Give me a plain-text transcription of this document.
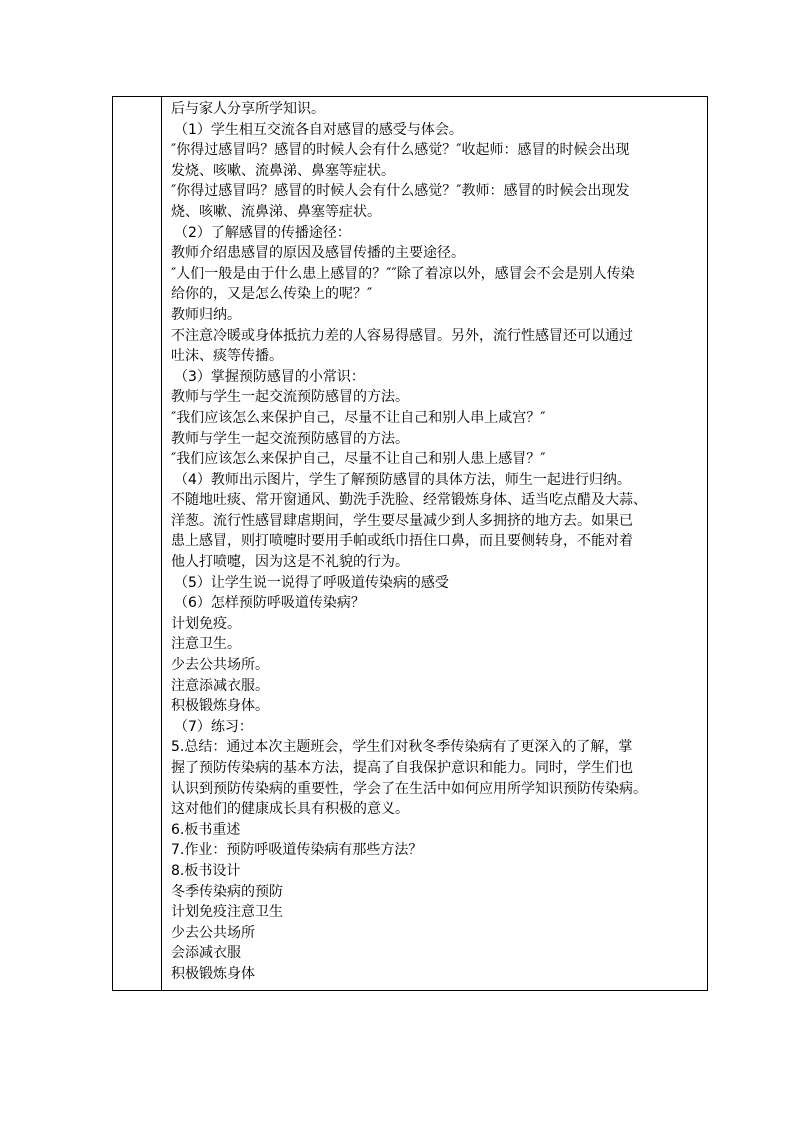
后与家人分享所学知识。
（1）学生相互交流各自对感冒的感受与体会。
″你得过感冒吗？感冒的时候人会有什么感觉？″收起师：感冒的时候会出现
发烧、咳嗽、流鼻涕、鼻塞等症状。
″你得过感冒吗？感冒的时候人会有什么感觉？″教师：感冒的时候会出现发
烧、咳嗽、流鼻涕、鼻塞等症状。
（2）了解感冒的传播途径：
教师介绍患感冒的原因及感冒传播的主要途径。
″人们一般是由于什么患上感冒的？″″除了着凉以外，感冒会不会是别人传染
给你的，又是怎么传染上的呢？″
教师归纳。
不注意冷暖或身体抵抗力差的人容易得感冒。另外，流行性感冒还可以通过
吐沫、痰等传播。
（3）掌握预防感冒的小常识：
教师与学生一起交流预防感冒的方法。
″我们应该怎么来保护自己，尽量不让自己和别人串上咸宫？″
教师与学生一起交流预防感冒的方法。
″我们应该怎么来保护自己，尽量不让自己和别人患上感冒？″
（4）教师出示图片，学生了解预防感冒的具体方法，师生一起进行归纳。
不随地吐痰、常开窗通风、勤洗手洗脸、经常锻炼身体、适当吃点醋及大蒜、
洋葱。流行性感冒肆虐期间，学生要尽量减少到人多拥挤的地方去。如果已
患上感冒，则打喷嚏时要用手帕或纸巾捂住口鼻，而且要侧转身，不能对着
他人打喷嚏，因为这是不礼貌的行为。
（5）让学生说一说得了呼吸道传染病的感受
（6）怎样预防呼吸道传染病？
计划免疫。
注意卫生。
少去公共场所。
注意添减衣服。
积极锻炼身体。
（7）练习：
5.总结：通过本次主题班会，学生们对秋冬季传染病有了更深入的了解，掌
握了预防传染病的基本方法，提高了自我保护意识和能力。同时，学生们也
认识到预防传染病的重要性，学会了在生活中如何应用所学知识预防传染病。
这对他们的健康成长具有积极的意义。
6.板书重述
7.作业：预防呼吸道传染病有那些方法？
8.板书设计
冬季传染病的预防
计划免疫注意卫生
少去公共场所
会添减衣服
积极锻炼身体
